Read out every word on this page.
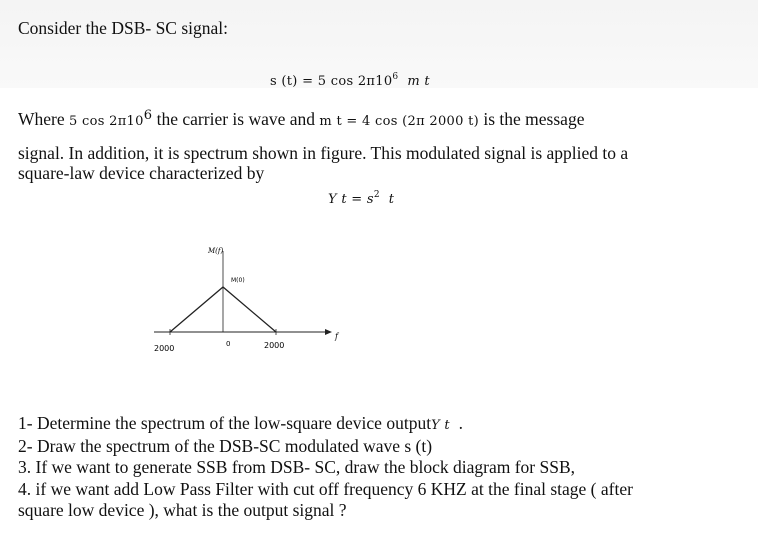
Consider the DSB- SC signal:
s (t) = 5 $\cos 2\pi 10^6$ m t
Where 5 $\cos 2\pi 10^6$ the carrier is wave and m t = 4 cos (2π 2000 t) is the message
signal. In addition, it is spectrum shown in figure. This modulated signal is applied to a
square-law device characterized by
Y $t = s^2$ t
M(f)
M(0)
2000	0	2000
f
1- Determine the spectrum of the low-square device outputY t .
2- Draw the spectrum of the DSB-SC modulated wave s (t)
3. If we want to generate SSB from DSB- SC, draw the block diagram for SSB,
4. if we want add Low Pass Filter with cut off frequency 6 KHZ at the final stage ( after
square low device ), what is the output signal ?
